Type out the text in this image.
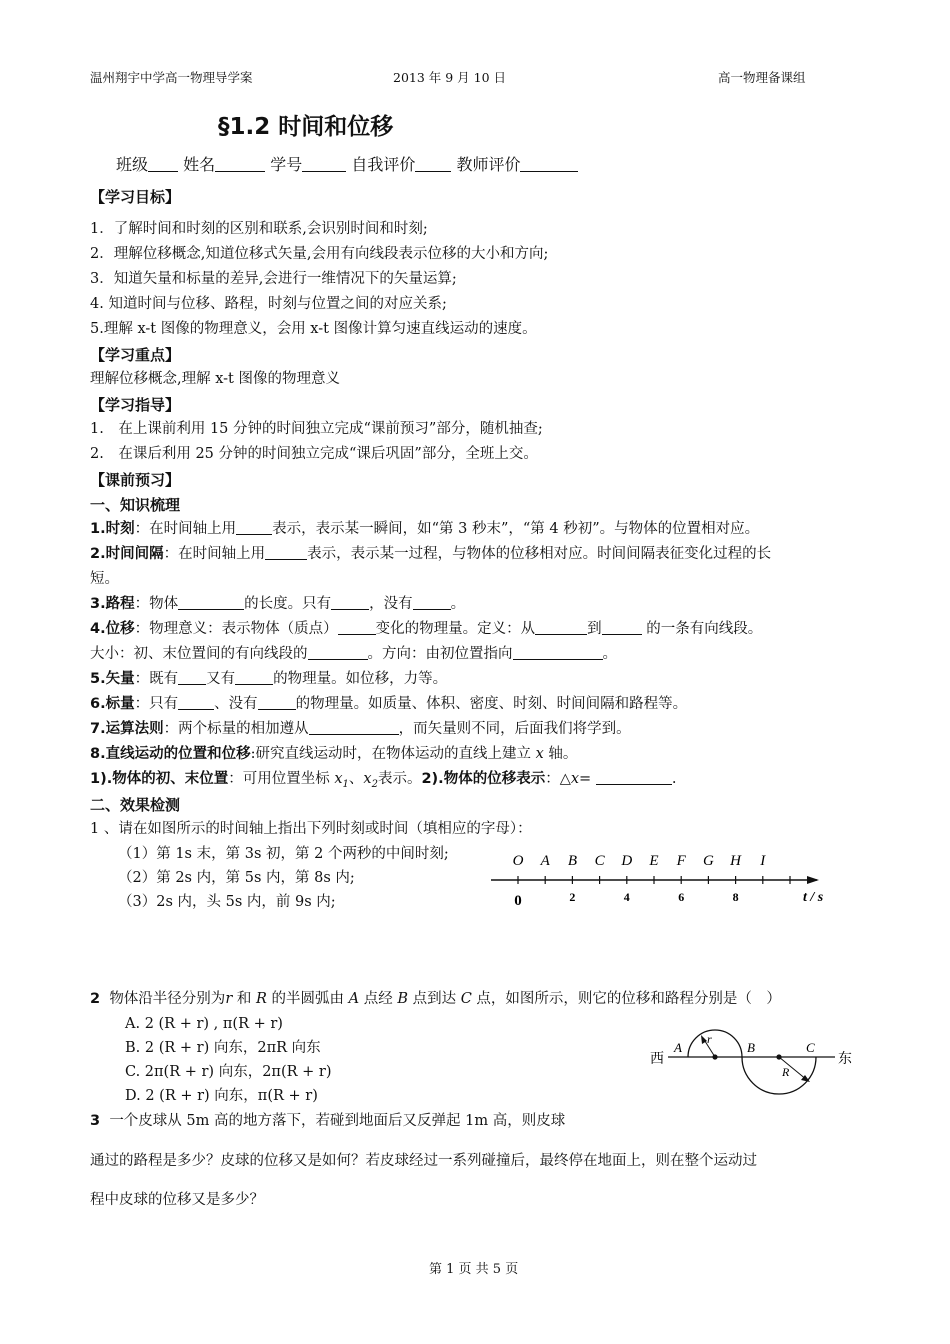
温州翔宇中学高一物理导学案	2013 年 9 月 10 日	高一物理备课组
§1.2 时间和位移
班级 姓名	学号	自我评价	教师评价
【学习目标】
1．了解时间和时刻的区别和联系,会识别时间和时刻;
2．理解位移概念,知道位移式矢量,会用有向线段表示位移的大小和方向;
3．知道矢量和标量的差异,会进行一维情况下的矢量运算;
4. 知道时间与位移、路程，时刻与位置之间的对应关系;
5.理解 x-t 图像的物理意义，会用 x-t 图像计算匀速直线运动的速度。
【学习重点】
理解位移概念,理解 x-t 图像的物理意义
【学习指导】
1.　在上课前利用 15 分钟的时间独立完成“课前预习”部分，随机抽查;
2.　在课后利用 25 分钟的时间独立完成“课后巩固”部分，全班上交。
【课前预习】
一、知识梳理
1.时刻：在时间轴上用 表示，表示某一瞬间，如“第 3 秒末”，“第 4 秒初”。与物体的位置相对应。
2.时间间隔：在时间轴上用	表示，表示某一过程，与物体的位移相对应。时间间隔表征变化过程的长
短。
3.路程：物体	的长度。只有	，没有	。
4.位移：物理意义：表示物体（质点）	变化的物理量。定义：从	到	的一条有向线段。
大小：初、末位置间的有向线段的	。方向：由初位置指向	。
5.矢量：既有 又有	的物理量。如位移，力等。
6.标量：只有 、没有	的物理量。如质量、体积、密度、时刻、时间间隔和路程等。
7.运算法则：两个标量的相加遵从	，而矢量则不同，后面我们将学到。
8.直线运动的位置和位移:研究直线运动时，在物体运动的直线上建立 x 轴。
1).物体的初、末位置：可用位置坐标 $x_1$、$x_2$表示。2).物体的位移表示：△x=	.
二、效果检测
1 、请在如图所示的时间轴上指出下列时刻或时间（填相应的字母）：
（1）第 1s 末，第 3s 初，第 2 个两秒的中间时刻;
（2）第 2s 内，第 5s 内，第 8s 内;
（3）2s 内，头 5s 内，前 9s 内;
O A B C D E F G H I
0	2	4	6	8	t / s
2 物体沿半径分别为r 和 R 的半圆弧由 A 点经 B 点到达 C 点，如图所示，则它的位移和路程分别是（　）
A. 2 (R + r) , π(R + r)
B. 2 (R + r) 向东，2πR 向东
C. 2π(R + r) 向东，2π(R + r)
D. 2 (R + r) 向东，π(R + r)
西	东
A	B	C
r
R
3 一个皮球从 5m 高的地方落下，若碰到地面后又反弹起 1m 高，则皮球
通过的路程是多少？皮球的位移又是如何？若皮球经过一系列碰撞后，最终停在地面上，则在整个运动过
程中皮球的位移又是多少？
第 1 页 共 5 页
